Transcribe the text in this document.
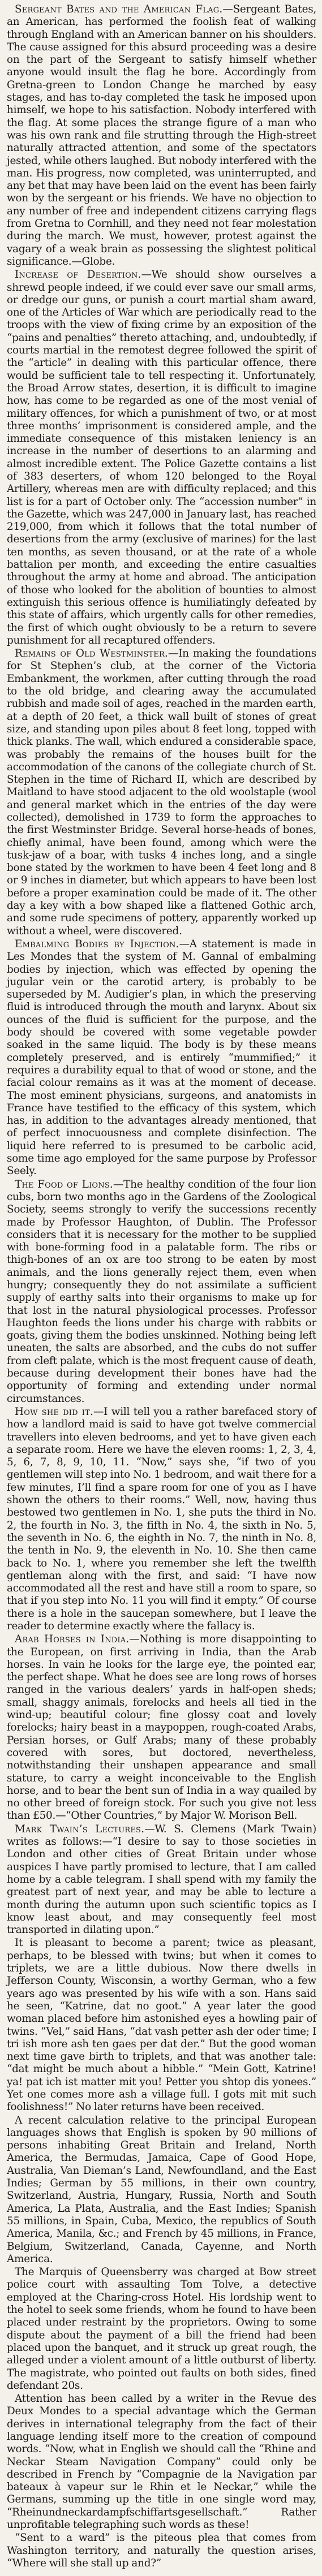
Sergeant Bates and the American Flag.—Sergeant Bates, an American, has performed the foolish feat of walking through England with an American banner on his shoulders. The cause assigned for this absurd proceeding was a desire on the part of the Sergeant to satisfy himself whether anyone would insult the flag he bore. Accordingly from Gretna-green to London Change he marched by easy stages, and has to-day completed the task he imposed upon himself, we hope to his satisfaction. Nobody interfered with the flag. At some places the strange figure of a man who was his own rank and file strutting through the High-street naturally attracted attention, and some of the spectators jested, while others laughed. But nobody interfered with the man. His progress, now completed, was uninterrupted, and any bet that may have been laid on the event has been fairly won by the sergeant or his friends. We have no objection to any number of free and independent citizens carrying flags from Gretna to Cornhill, and they need not fear molestation during the march. We must, however, protest against the vagary of a weak brain as possessing the slightest political significance.—Globe.

Increase of Desertion.—We should show ourselves a shrewd people indeed, if we could ever save our small arms, or dredge our guns, or punish a court martial sham award, one of the Articles of War which are periodically read to the troops with the view of fixing crime by an exposition of the “pains and penalties” thereto attaching, and, undoubtedly, if courts martial in the remotest degree followed the spirit of the “article” in dealing with this particular offence, there would be sufficient tale to tell respecting it. Unfortunately, the Broad Arrow states, desertion, it is difficult to imagine how, has come to be regarded as one of the most venial of military offences, for which a punishment of two, or at most three months’ imprisonment is considered ample, and the immediate consequence of this mistaken leniency is an increase in the number of desertions to an alarming and almost incredible extent. The Police Gazette contains a list of 383 deserters, of whom 120 belonged to the Royal Artillery, whereas men are with difficulty replaced; and this list is for a part of October only. The “accession number” in the Gazette, which was 247,000 in January last, has reached 219,000, from which it follows that the total number of desertions from the army (exclusive of marines) for the last ten months, as seven thousand, or at the rate of a whole battalion per month, and exceeding the entire casualties throughout the army at home and abroad. The anticipation of those who looked for the abolition of bounties to almost extinguish this serious offence is humiliatingly defeated by this state of affairs, which urgently calls for other remedies, the first of which ought obviously to be a return to severe punishment for all recaptured offenders.

Remains of Old Westminster.—In making the foundations for St Stephen’s club, at the corner of the Victoria Embankment, the workmen, after cutting through the road to the old bridge, and clearing away the accumulated rubbish and made soil of ages, reached in the marden earth, at a depth of 20 feet, a thick wall built of stones of great size, and standing upon piles about 8 feet long, topped with thick planks. The wall, which endured a considerable space, was probably the remains of the houses built for the accommodation of the canons of the collegiate church of St. Stephen in the time of Richard II, which are described by Maitland to have stood adjacent to the old woolstaple (wool and general market which in the entries of the day were collected), demolished in 1739 to form the approaches to the first Westminster Bridge. Several horse-heads of bones, chiefly animal, have been found, among which were the tusk-jaw of a boar, with tusks 4 inches long, and a single bone stated by the workmen to have been 4 feet long and 8 or 9 inches in diameter, but which appears to have been lost before a proper examination could be made of it. The other day a key with a bow shaped like a flattened Gothic arch, and some rude specimens of pottery, apparently worked up without a wheel, were discovered.

Embalming Bodies by Injection.—A statement is made in Les Mondes that the system of M. Gannal of embalming bodies by injection, which was effected by opening the jugular vein or the carotid artery, is probably to be superseded by M. Audigier’s plan, in which the preserving fluid is introduced through the mouth and larynx. About six ounces of the fluid is sufficient for the purpose, and the body should be covered with some vegetable powder soaked in the same liquid. The body is by these means completely preserved, and is entirely “mummified;” it requires a durability equal to that of wood or stone, and the facial colour remains as it was at the moment of decease. The most eminent physicians, surgeons, and anatomists in France have testified to the efficacy of this system, which has, in addition to the advantages already mentioned, that of perfect innocuousness and complete disinfection. The liquid here referred to is presumed to be carbolic acid, some time ago employed for the same purpose by Professor Seely.

The Food of Lions.—The healthy condition of the four lion cubs, born two months ago in the Gardens of the Zoological Society, seems strongly to verify the successions recently made by Professor Haughton, of Dublin. The Professor considers that it is necessary for the mother to be supplied with bone-forming food in a palatable form. The ribs or thigh-bones of an ox are too strong to be eaten by most animals, and the lions generally reject them, even when hungry; consequently they do not assimilate a sufficient supply of earthy salts into their organisms to make up for that lost in the natural physiological processes. Professor Haughton feeds the lions under his charge with rabbits or goats, giving them the bodies unskinned. Nothing being left uneaten, the salts are absorbed, and the cubs do not suffer from cleft palate, which is the most frequent cause of death, because during development their bones have had the opportunity of forming and extending under normal circumstances.

How she did it.—I will tell you a rather barefaced story of how a landlord maid is said to have got twelve commercial travellers into eleven bedrooms, and yet to have given each a separate room. Here we have the eleven rooms: 1, 2, 3, 4, 5, 6, 7, 8, 9, 10, 11. “Now,” says she, “if two of you gentlemen will step into No. 1 bedroom, and wait there for a few minutes, I’ll find a spare room for one of you as I have shown the others to their rooms.” Well, now, having thus bestowed two gentlemen in No. 1, she puts the third in No. 2, the fourth in No. 3, the fifth in No. 4, the sixth in No. 5, the seventh in No. 6, the eighth in No. 7, the ninth in No. 8, the tenth in No. 9, the eleventh in No. 10. She then came back to No. 1, where you remember she left the twelfth gentleman along with the first, and said: “I have now accommodated all the rest and have still a room to spare, so that if you step into No. 11 you will find it empty.” Of course there is a hole in the saucepan somewhere, but I leave the reader to determine exactly where the fallacy is.

Arab Horses in India.—Nothing is more disappointing to the European, on first arriving in India, than the Arab horses. In vain he looks for the large eye, the pointed ear, the perfect shape. What he does see are long rows of horses ranged in the various dealers’ yards in half-open sheds; small, shaggy animals, forelocks and heels all tied in the wind-up; beautiful colour; fine glossy coat and lovely forelocks; hairy beast in a maypoppen, rough-coated Arabs, Persian horses, or Gulf Arabs; many of these probably covered with sores, but doctored, nevertheless, notwithstanding their unshapen appearance and small stature, to carry a weight inconceivable to the English horse, and to bear the bent sun of India in a way quailed by no other breed of foreign stock. For such you give not less than £50.—“Other Countries,” by Major W. Morison Bell.

Mark Twain’s Lectures.—W. S. Clemens (Mark Twain) writes as follows:—“I desire to say to those societies in London and other cities of Great Britain under whose auspices I have partly promised to lecture, that I am called home by a cable telegram. I shall spend with my family the greatest part of next year, and may be able to lecture a month during the autumn upon such scientific topics as I know least about, and may consequently feel most transported in dilating upon.”

It is pleasant to become a parent; twice as pleasant, perhaps, to be blessed with twins; but when it comes to triplets, we are a little dubious. Now there dwells in Jefferson County, Wisconsin, a worthy German, who a few years ago was presented by his wife with a son. Hans said he seen, “Katrine, dat no goot.” A year later the good woman placed before him astonished eyes a howling pair of twins. “Vel,” said Hans, “dat vash petter ash der oder time; I tri ish more ash ten gaes per dat der.” But the good woman next time gave birth to triplets, and that was another tale: “dat might be much about a hibble.” “Mein Gott, Katrine! ya! pat ich ist matter mit you! Petter you shtop dis yonees.” Yet one comes more ash a village full. I gots mit mit such foolishness!” No later returns have been received.

A recent calculation relative to the principal European languages shows that English is spoken by 90 millions of persons inhabiting Great Britain and Ireland, North America, the Bermudas, Jamaica, Cape of Good Hope, Australia, Van Dieman’s Land, Newfoundland, and the East Indies; German by 55 millions, in their own country, Switzerland, Austria, Hungary, Russia, North and South America, La Plata, Australia, and the East Indies; Spanish 55 millions, in Spain, Cuba, Mexico, the republics of South America, Manila, &c.; and French by 45 millions, in France, Belgium, Switzerland, Canada, Cayenne, and North America.

The Marquis of Queensberry was charged at Bow street police court with assaulting Tom Tolve, a detective employed at the Charing-cross Hotel. His lordship went to the hotel to seek some friends, whom he found to have been placed under restraint by the proprietors. Owing to some dispute about the payment of a bill the friend had been placed upon the banquet, and it struck up great rough, the alleged under a violent amount of a little outburst of liberty. The magistrate, who pointed out faults on both sides, fined defendant 20s.

Attention has been called by a writer in the Revue des Deux Mondes to a special advantage which the German derives in international telegraphy from the fact of their language lending itself more to the creation of compound words. “Now, what in English we should call the “Rhine and Neckar Steam Navigation Company” could only be described in French by “Compagnie de la Navigation par bateaux à vapeur sur le Rhin et le Neckar,” while the Germans, summing up the title in one single word may, “Rheinundneckardampfschiffartsgesellschaft.” Rather unprofitable telegraphing such words as these!

“Sent to a ward” is the piteous plea that comes from Washington territory, and naturally the question arises, “Where will she stall up and?”
